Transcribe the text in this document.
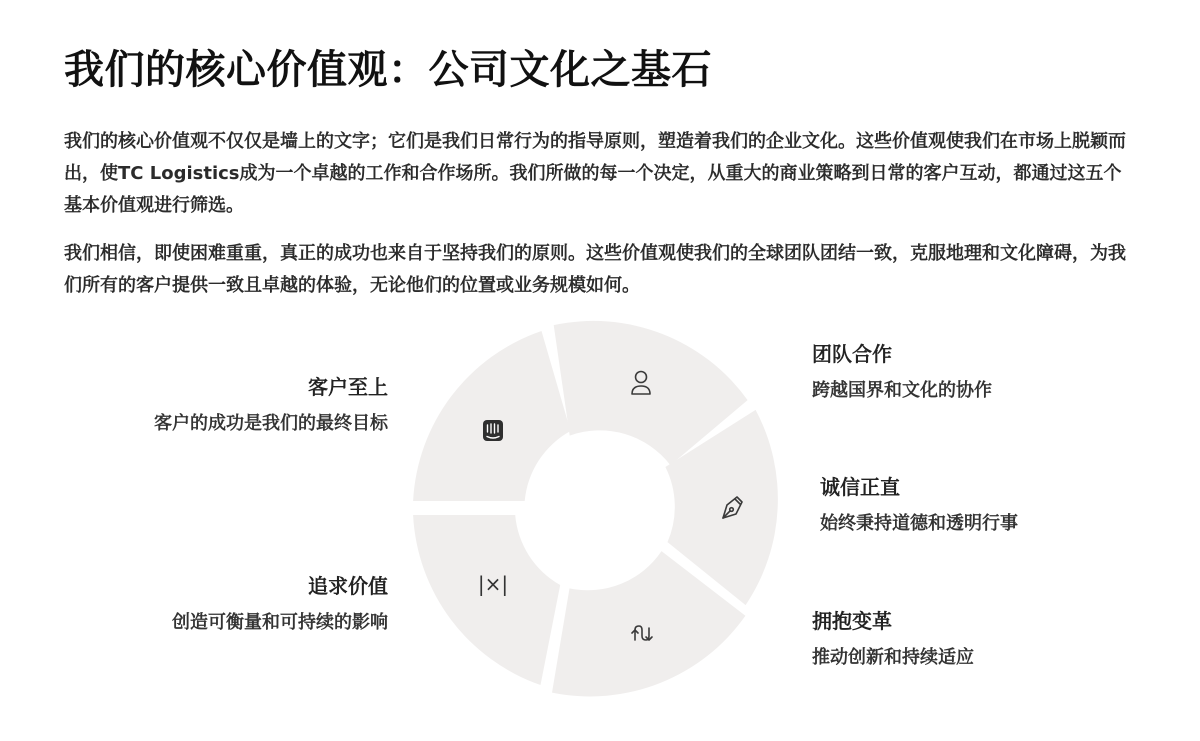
我们的核心价值观：公司文化之基石

我们的核心价值观不仅仅是墙上的文字；它们是我们日常行为的指导原则，塑造着我们的企业文化。这些价值观使我们在市场上脱颖而出，使TC Logistics成为一个卓越的工作和合作场所。我们所做的每一个决定，从重大的商业策略到日常的客户互动，都通过这五个基本价值观进行筛选。

我们相信，即使困难重重，真正的成功也来自于坚持我们的原则。这些价值观使我们的全球团队团结一致，克服地理和文化障碍，为我们所有的客户提供一致且卓越的体验，无论他们的位置或业务规模如何。

|×|
客户至上
客户的成功是我们的最终目标
追求价值
创造可衡量和可持续的影响
团队合作
跨越国界和文化的协作
诚信正直
始终秉持道德和透明行事
拥抱变革
推动创新和持续适应
